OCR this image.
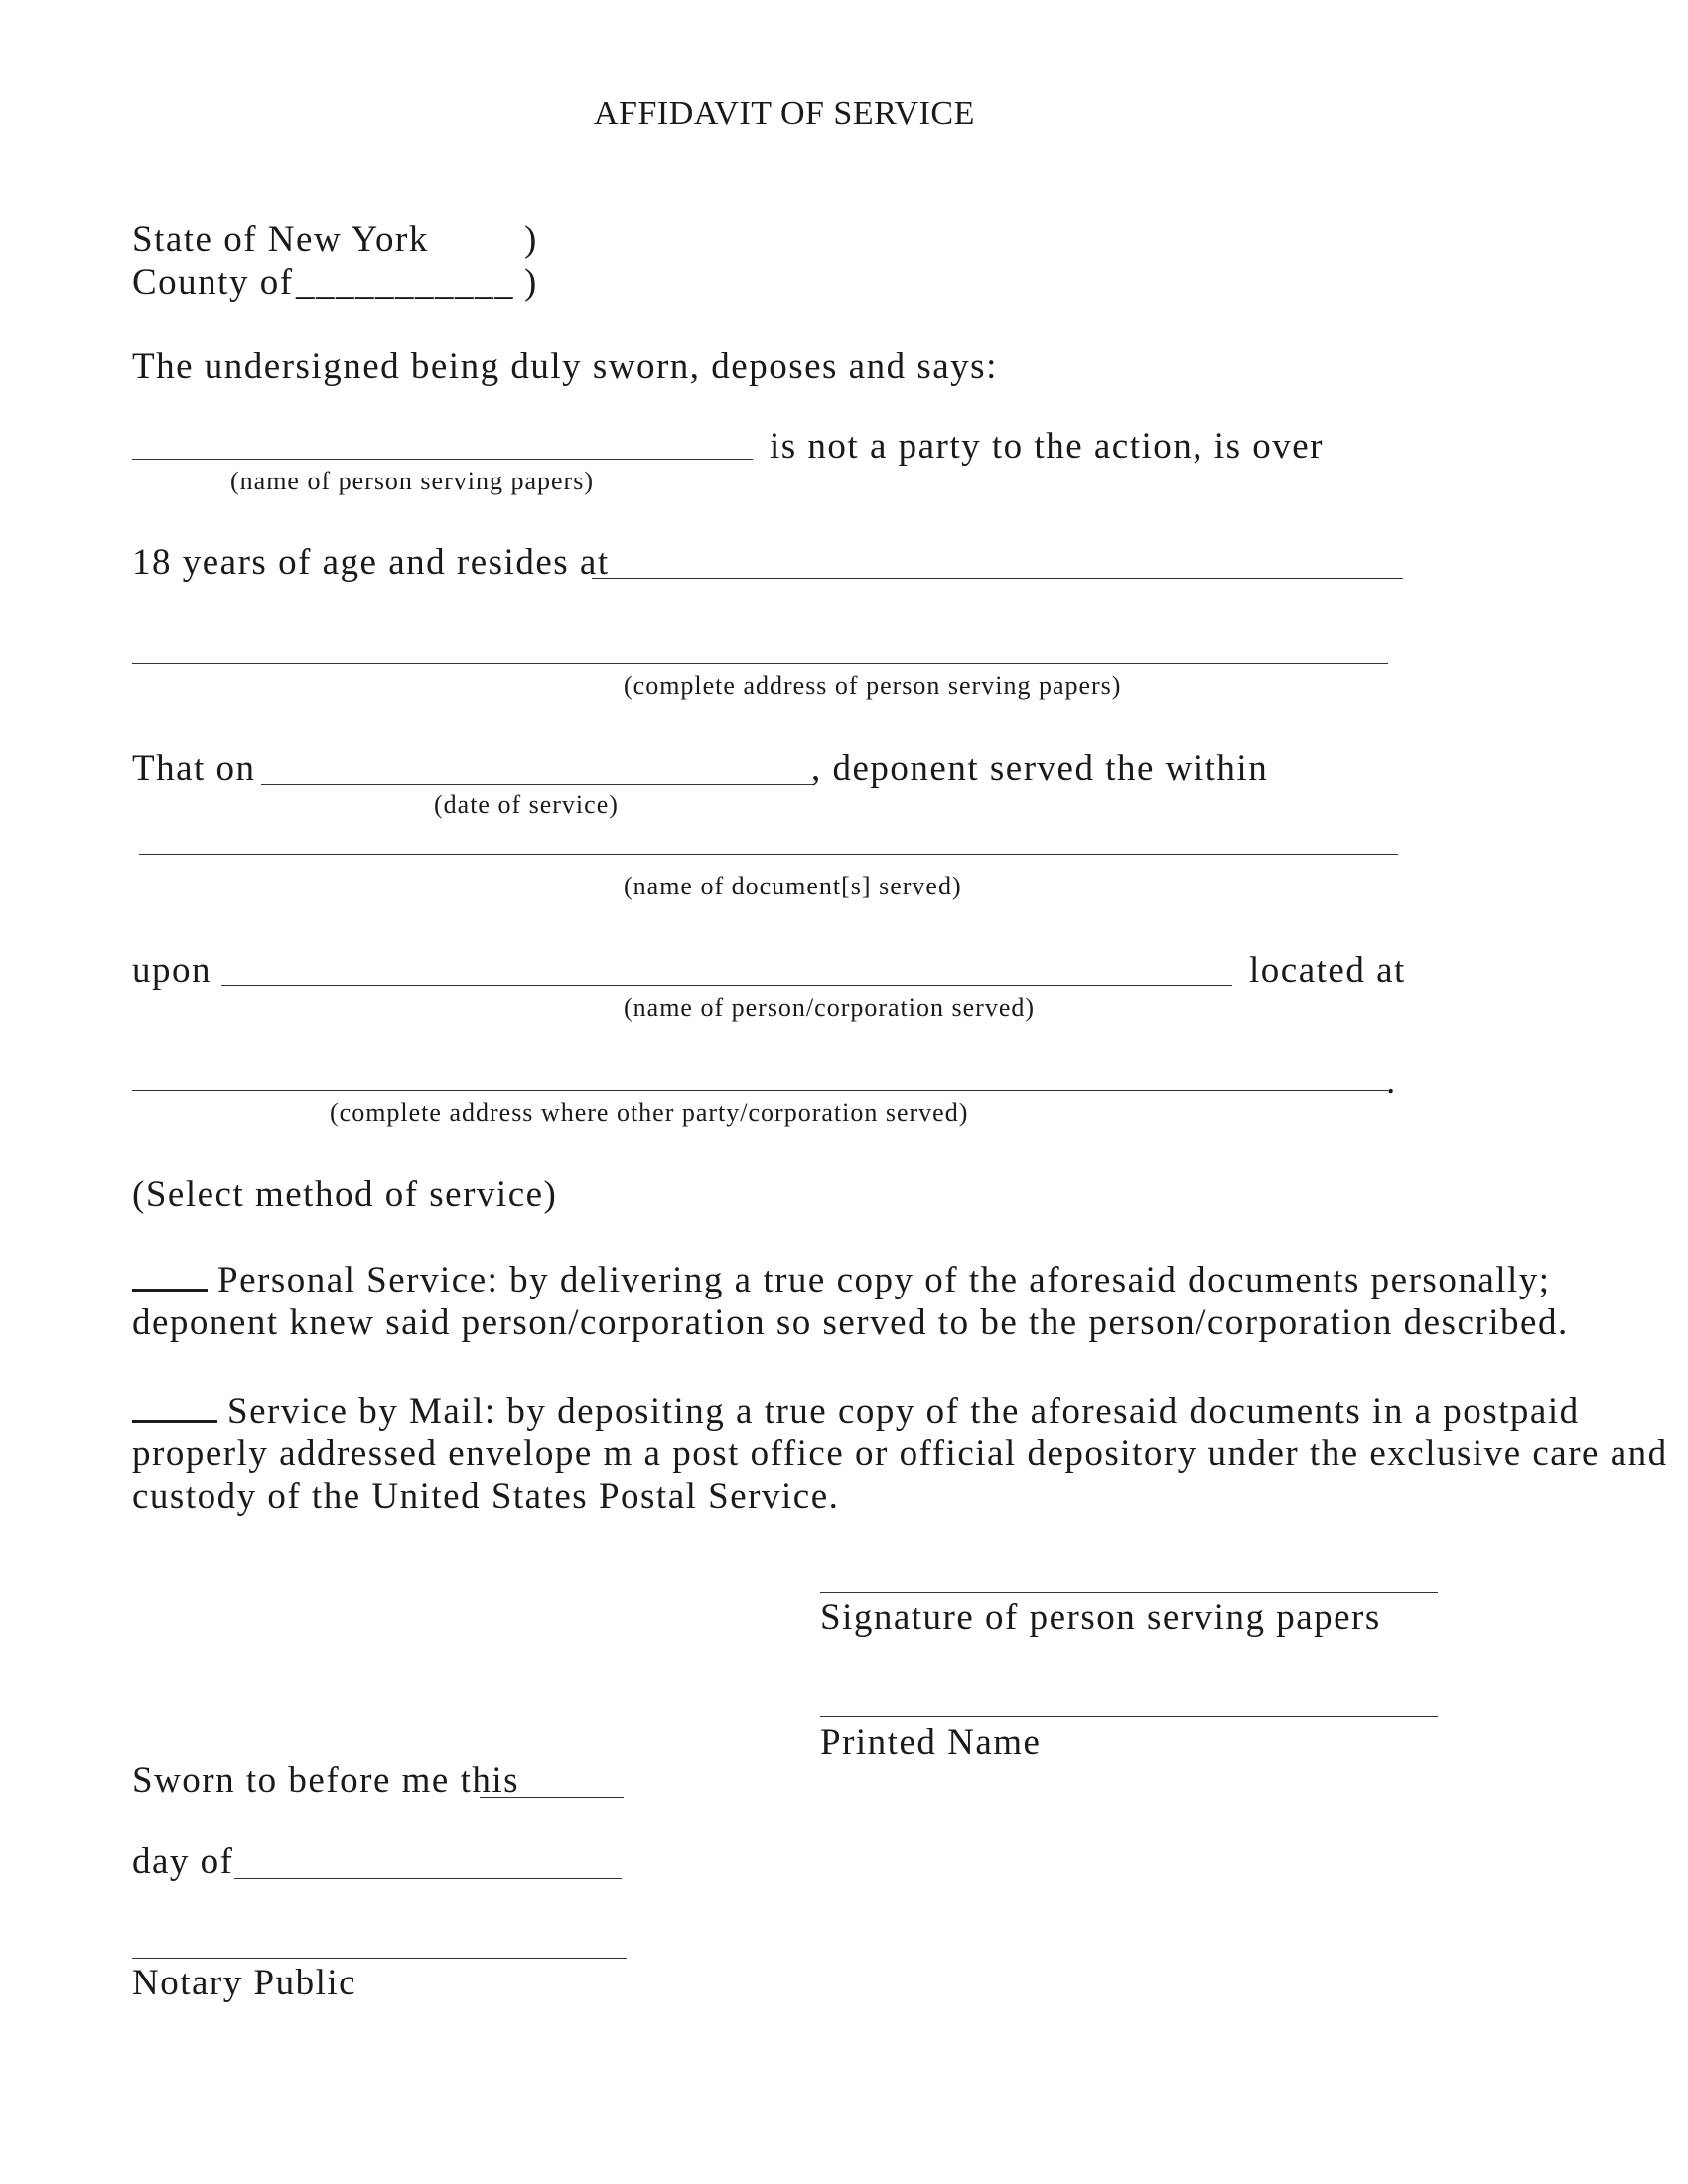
AFFIDAVIT OF SERVICE
State of New York	)
County of ___________ )
The undersigned being duly sworn, deposes and says:
is not a party to the action, is over
(name of person serving papers)
18 years of age and resides at
(complete address of person serving papers)
That on	, deponent served the within
(date of service)
(name of document[s] served)
upon	located at
(name of person/corporation served)
.
(complete address where other party/corporation served)
(Select method of service)
Personal Service: by delivering a true copy of the aforesaid documents personally; deponent knew said person/corporation so served to be the person/corporation described.
Service by Mail: by depositing a true copy of the aforesaid documents in a postpaid properly addressed envelope m a post office or official depository under the exclusive care and custody of the United States Postal Service.
Signature of person serving papers
Printed Name
Sworn to before me this
day of
Notary Public
